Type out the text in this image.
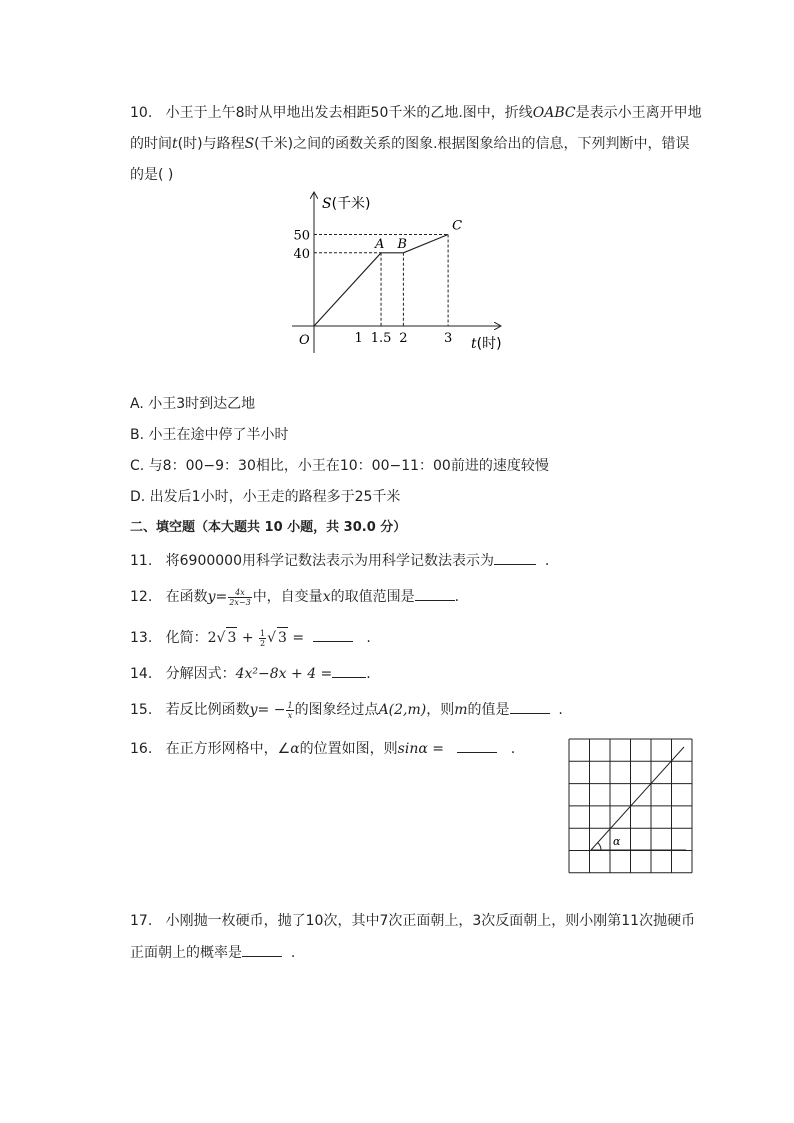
10. 小王于上午8时从甲地出发去相距50千米的乙地.图中，折线OABC是表示小王离开甲地
的时间t(时)与路程S(千米)之间的函数关系的图象.根据图象给出的信息，下列判断中，错误
的是( )
S(千米)
t(时)
O
A B
C
1 1.5 2	3
40
50
A. 小王3时到达乙地
B. 小王在途中停了半小时
C. 与8：00−9：30相比，小王在10：00−11：00前进的速度较慢
D. 出发后1小时，小王走的路程多于25千米
二、填空题（本大题共 10 小题，共 30.0 分）
11. 将6900000用科学记数法表示为用科学记数法表示为	.
12. 在函数$y= \frac{4x}{2x-3}$ 中，自变量x的取值范围是	.
13. 化简：2√ $3 + \frac{1}{2}$ √ 3 =	.
14. 分解因式：4x²−8x + 4 = .
15. 若反比例函数$y= - \frac{1}{x}$ 的图象经过点A(2,m)，则m的值是	.
16. 在正方形网格中，∠α的位置如图，则sinα =	.
α
17. 小刚抛一枚硬币，抛了10次，其中7次正面朝上，3次反面朝上，则小刚第11次抛硬币
正面朝上的概率是	.
